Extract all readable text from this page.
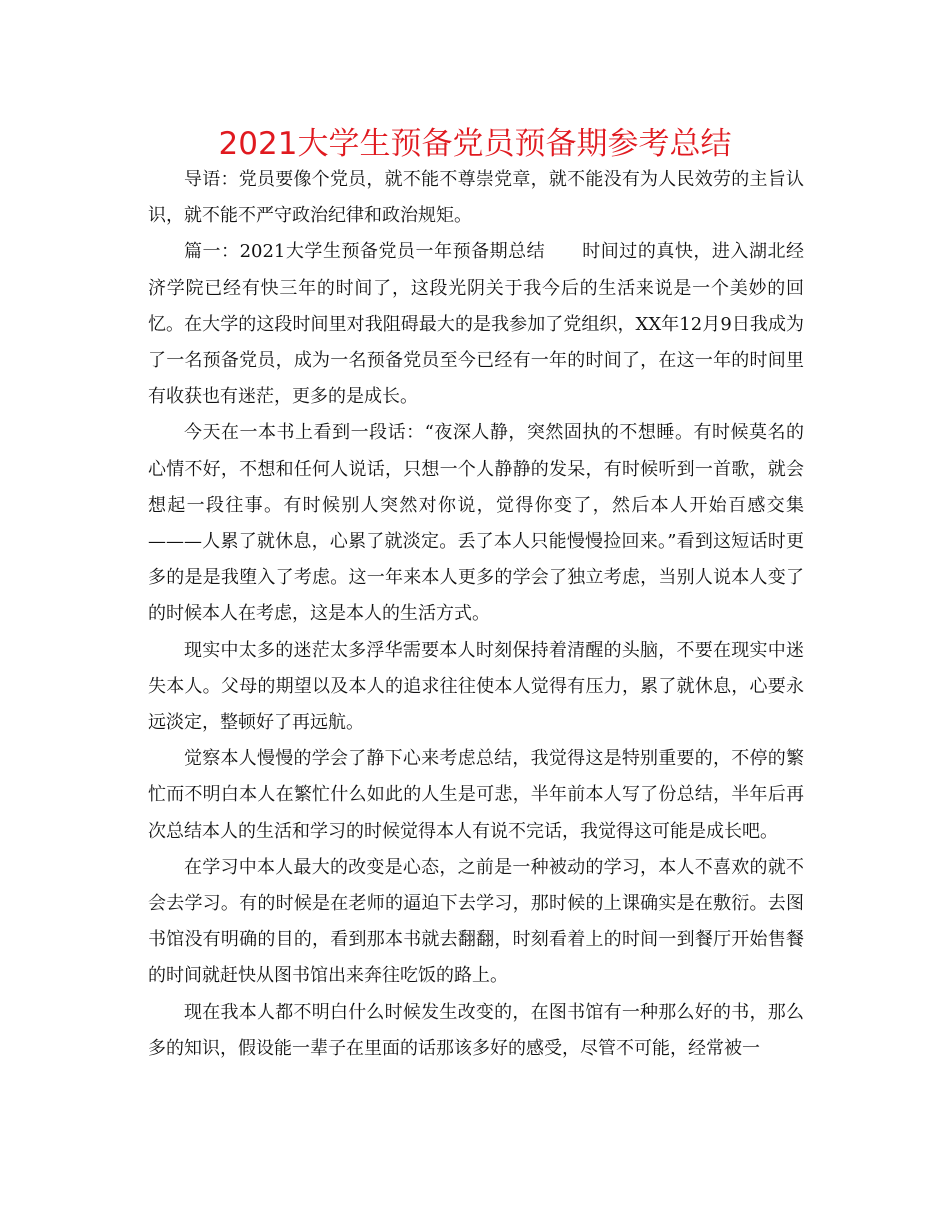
2021大学生预备党员预备期参考总结

导语：党员要像个党员，就不能不尊崇党章，就不能没有为人民效劳的主旨认识，就不能不严守政治纪律和政治规矩。

篇一：2021大学生预备党员一年预备期总结　　时间过的真快，进入湖北经济学院已经有快三年的时间了，这段光阴关于我今后的生活来说是一个美妙的回忆。在大学的这段时间里对我阻碍最大的是我参加了党组织，XX年12月9日我成为了一名预备党员，成为一名预备党员至今已经有一年的时间了，在这一年的时间里有收获也有迷茫，更多的是成长。

今天在一本书上看到一段话：“夜深人静，突然固执的不想睡。有时候莫名的心情不好，不想和任何人说话，只想一个人静静的发呆，有时候听到一首歌，就会想起一段往事。有时候别人突然对你说，觉得你变了，然后本人开始百感交集———人累了就休息，心累了就淡定。丢了本人只能慢慢捡回来。”看到这短话时更多的是是我堕入了考虑。这一年来本人更多的学会了独立考虑，当别人说本人变了的时候本人在考虑，这是本人的生活方式。

现实中太多的迷茫太多浮华需要本人时刻保持着清醒的头脑，不要在现实中迷失本人。父母的期望以及本人的追求往往使本人觉得有压力，累了就休息，心要永远淡定，整顿好了再远航。

觉察本人慢慢的学会了静下心来考虑总结，我觉得这是特别重要的，不停的繁忙而不明白本人在繁忙什么如此的人生是可悲，半年前本人写了份总结，半年后再次总结本人的生活和学习的时候觉得本人有说不完话，我觉得这可能是成长吧。

在学习中本人最大的改变是心态，之前是一种被动的学习，本人不喜欢的就不会去学习。有的时候是在老师的逼迫下去学习，那时候的上课确实是在敷衍。去图书馆没有明确的目的，看到那本书就去翻翻，时刻看着上的时间一到餐厅开始售餐的时间就赶快从图书馆出来奔往吃饭的路上。

现在我本人都不明白什么时候发生改变的，在图书馆有一种那么好的书，那么多的知识，假设能一辈子在里面的话那该多好的感受，尽管不可能，经常被一
